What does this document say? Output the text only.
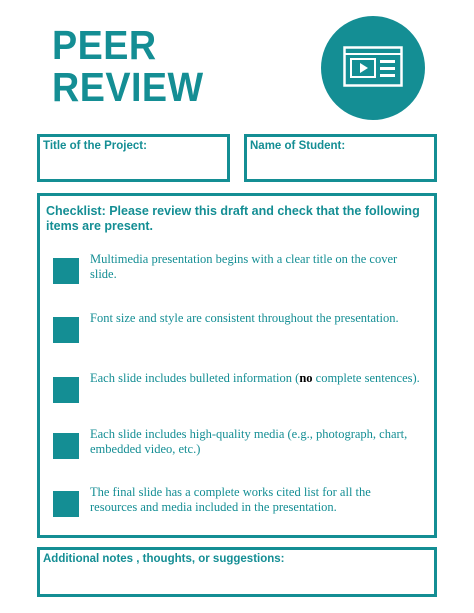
PEER
REVIEW
Title of the Project:	Name of Student:
Checklist: Please review this draft and check that the following items are present.
Multimedia presentation begins with a clear title on the cover slide.
Font size and style are consistent throughout the presentation.
Each slide includes bulleted information (no complete sentences).
Each slide includes high-quality media (e.g., photograph, chart, embedded video, etc.)
The final slide has a complete works cited list for all the resources and media included in the presentation.
Additional notes , thoughts, or suggestions:
